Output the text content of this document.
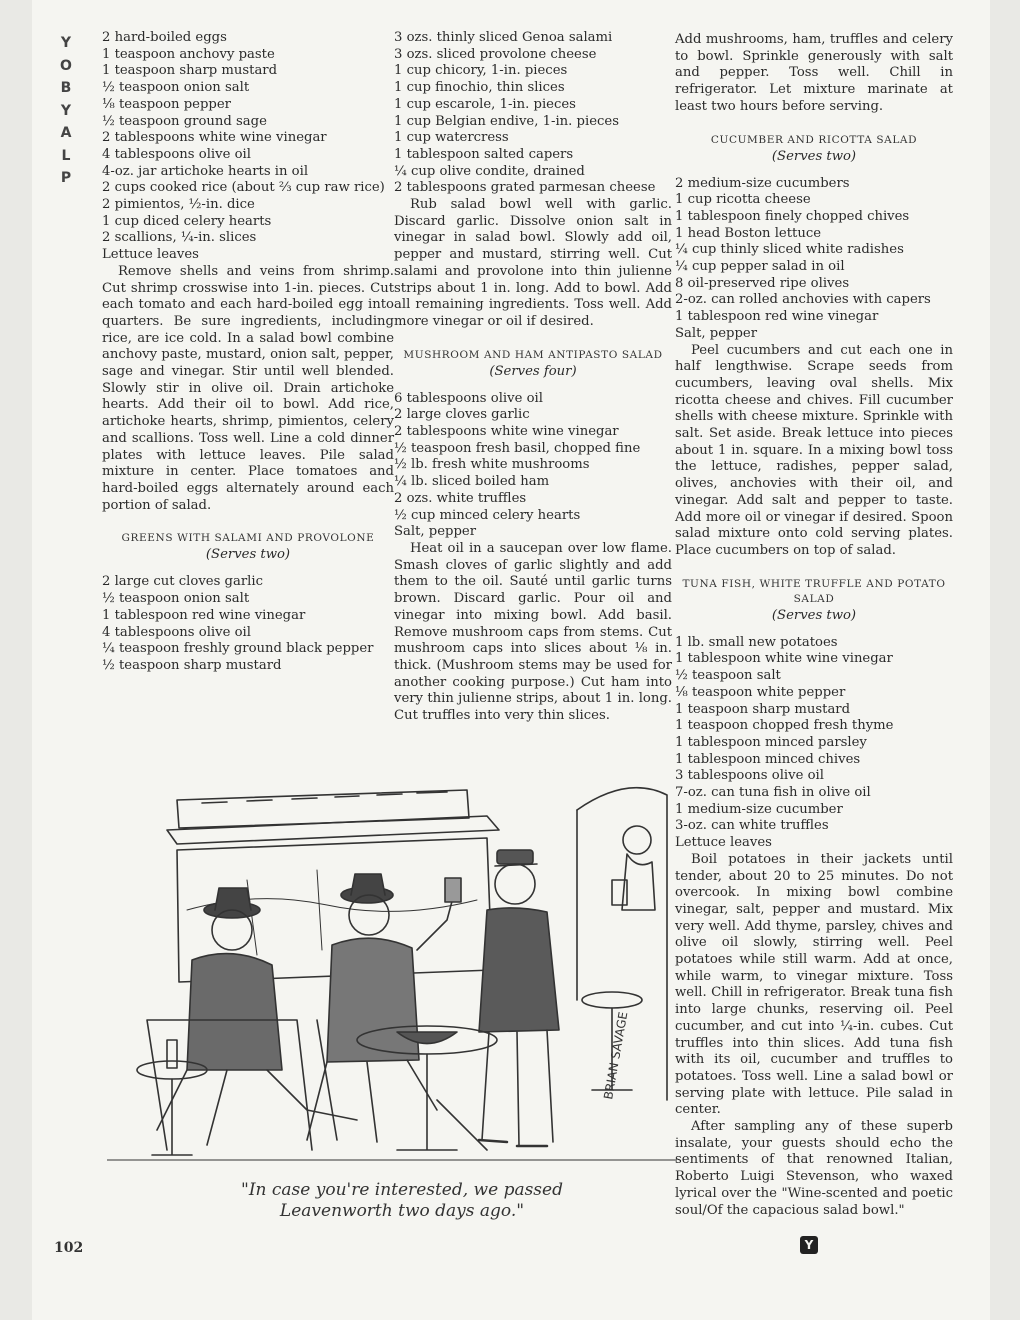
Y
O
B
Y
A
L
P

2 hard-boiled eggs

1 teaspoon anchovy paste

1 teaspoon sharp mustard

½ teaspoon onion salt

⅛ teaspoon pepper

½ teaspoon ground sage

2 tablespoons white wine vinegar

4 tablespoons olive oil

4-oz. jar artichoke hearts in oil

2 cups cooked rice (about ⅔ cup raw rice)

2 pimientos, ½-in. dice

1 cup diced celery hearts

2 scallions, ¼-in. slices

Lettuce leaves

Remove shells and veins from shrimp. Cut shrimp crosswise into 1-in. pieces. Cut each tomato and each hard-boiled egg into quarters. Be sure ingredients, including rice, are ice cold. In a salad bowl combine anchovy paste, mustard, onion salt, pepper, sage and vinegar. Stir until well blended. Slowly stir in olive oil. Drain artichoke hearts. Add their oil to bowl. Add rice, artichoke hearts, shrimp, pimientos, celery and scallions. Toss well. Line a cold dinner plates with lettuce leaves. Pile salad mixture in center. Place tomatoes and hard-boiled eggs alternately around each portion of salad.

GREENS WITH SALAMI AND PROVOLONE

(Serves two)

2 large cut cloves garlic

½ teaspoon onion salt

1 tablespoon red wine vinegar

4 tablespoons olive oil

¼ teaspoon freshly ground black pepper

½ teaspoon sharp mustard

3 ozs. thinly sliced Genoa salami

3 ozs. sliced provolone cheese

1 cup chicory, 1-in. pieces

1 cup finochio, thin slices

1 cup escarole, 1-in. pieces

1 cup Belgian endive, 1-in. pieces

1 cup watercress

1 tablespoon salted capers

¼ cup olive condite, drained

2 tablespoons grated parmesan cheese

Rub salad bowl well with garlic. Discard garlic. Dissolve onion salt in vinegar in salad bowl. Slowly add oil, pepper and mustard, stirring well. Cut salami and provolone into thin julienne strips about 1 in. long. Add to bowl. Add all remaining ingredients. Toss well. Add more vinegar or oil if desired.

MUSHROOM AND HAM ANTIPASTO SALAD

(Serves four)

6 tablespoons olive oil

2 large cloves garlic

2 tablespoons white wine vinegar

½ teaspoon fresh basil, chopped fine

½ lb. fresh white mushrooms

¼ lb. sliced boiled ham

2 ozs. white truffles

½ cup minced celery hearts

Salt, pepper

Heat oil in a saucepan over low flame. Smash cloves of garlic slightly and add them to the oil. Sauté until garlic turns brown. Discard garlic. Pour oil and vinegar into mixing bowl. Add basil. Remove mushroom caps from stems. Cut mushroom caps into slices about ⅛ in. thick. (Mushroom stems may be used for another cooking purpose.) Cut ham into very thin julienne strips, about 1 in. long. Cut truffles into very thin slices.

Add mushrooms, ham, truffles and celery to bowl. Sprinkle generously with salt and pepper. Toss well. Chill in refrigerator. Let mixture marinate at least two hours before serving.

CUCUMBER AND RICOTTA SALAD

(Serves two)

2 medium-size cucumbers

1 cup ricotta cheese

1 tablespoon finely chopped chives

1 head Boston lettuce

¼ cup thinly sliced white radishes

¼ cup pepper salad in oil

8 oil-preserved ripe olives

2-oz. can rolled anchovies with capers

1 tablespoon red wine vinegar

Salt, pepper

Peel cucumbers and cut each one in half lengthwise. Scrape seeds from cucumbers, leaving oval shells. Mix ricotta cheese and chives. Fill cucumber shells with cheese mixture. Sprinkle with salt. Set aside. Break lettuce into pieces about 1 in. square. In a mixing bowl toss the lettuce, radishes, pepper salad, olives, anchovies with their oil, and vinegar. Add salt and pepper to taste. Add more oil or vinegar if desired. Spoon salad mixture onto cold serving plates. Place cucumbers on top of salad.

TUNA FISH, WHITE TRUFFLE AND POTATO SALAD

(Serves two)

1 lb. small new potatoes

1 tablespoon white wine vinegar

½ teaspoon salt

⅛ teaspoon white pepper

1 teaspoon sharp mustard

1 teaspoon chopped fresh thyme

1 tablespoon minced parsley

1 tablespoon minced chives

3 tablespoons olive oil

7-oz. can tuna fish in olive oil

1 medium-size cucumber

3-oz. can white truffles

Lettuce leaves

Boil potatoes in their jackets until tender, about 20 to 25 minutes. Do not overcook. In mixing bowl combine vinegar, salt, pepper and mustard. Mix very well. Add thyme, parsley, chives and olive oil slowly, stirring well. Peel potatoes while still warm. Add at once, while warm, to vinegar mixture. Toss well. Chill in refrigerator. Break tuna fish into large chunks, reserving oil. Peel cucumber, and cut into ¼-in. cubes. Cut truffles into thin slices. Add tuna fish with its oil, cucumber and truffles to potatoes. Toss well. Line a salad bowl or serving plate with lettuce. Pile salad in center.

After sampling any of these superb insalate, your guests should echo the sentiments of that renowned Italian, Roberto Luigi Stevenson, who waxed lyrical over the "Wine-scented and poetic soul/Of the capacious salad bowl."

BRIAN SAVAGE
"In case you're interested, we passed Leavenworth two days ago."
102	Y
